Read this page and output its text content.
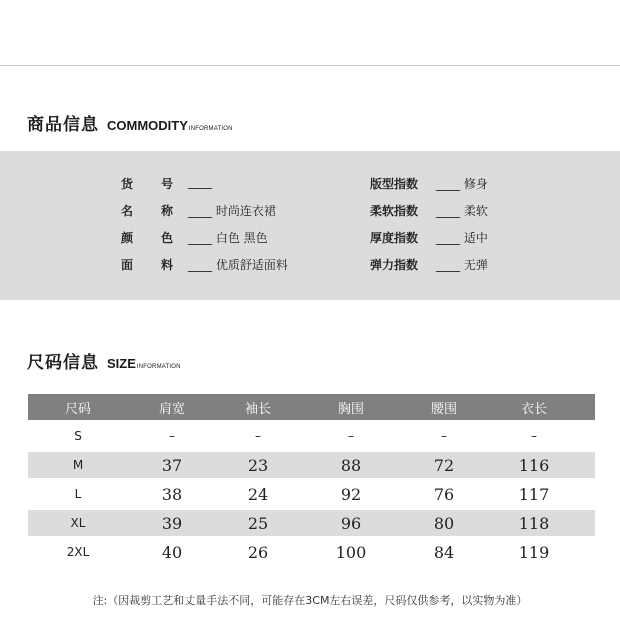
商品信息 COMMODITY INFORMATION
货 号 ____	版型指数 ____ 修身
名 称 ____ 时尚连衣裙	柔软指数 ____ 柔软
颜 色 ____ 白色 黑色	厚度指数 ____ 适中
面 料 ____ 优质舒适面料	弹力指数 ____ 无弹
尺码信息 SIZE INFORMATION
尺码	肩宽	袖长	胸围	腰围	衣长
S	–	–	–	–	–
M	37	23	88	72	116
L	38	24	92	76	117
XL	39	25	96	80	118
2XL	40	26	100	84	119
注:（因裁剪工艺和丈量手法不同，可能存在3CM左右误差，尺码仅供参考，以实物为准）
